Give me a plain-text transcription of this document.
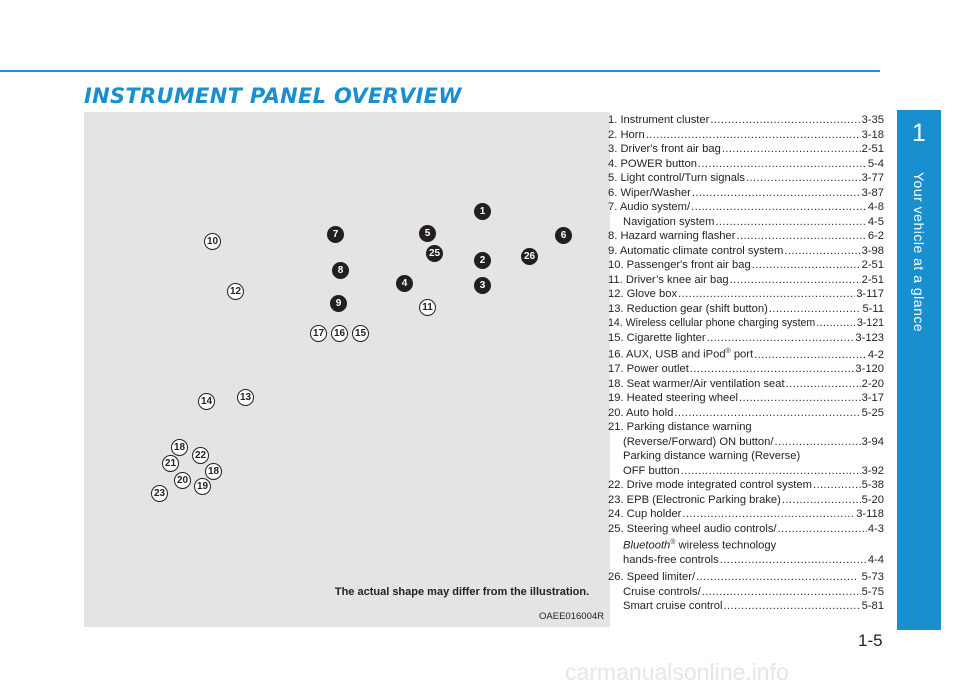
INSTRUMENT PANEL OVERVIEW
1
2
3
4
5	6
7
8
9
10
11
12
13
14
15
16
17
18
18
19
20
21
22
23
25	26
The actual shape may differ from the illustration.
OAEE016004R
1. Instrument cluster .....	3-35
2. Horn .....	3-18
3. Driver's front air bag .....	2-51
4. POWER button .....	5-4
5. Light control/Turn signals .....	3-77
6. Wiper/Washer .....	3-87
7. Audio system/ .....	4-8
Navigation system .....	4-5
8. Hazard warning flasher .....	6-2
9. Automatic climate control system .....	3-98
10. Passenger's front air bag .....	2-51
11. Driver’s knee air bag .....	2-51
12. Glove box .....	3-117
13. Reduction gear (shift button) .....	5-11
14. Wireless cellular phone charging system .....	3-121
15. Cigarette lighter .....	3-123
16. AUX, USB and iPod® port .....	4-2
17. Power outlet .....	3-120
18. Seat warmer/Air ventilation seat .....	2-20
19. Heated steering wheel .....	3-17
20. Auto hold .....	5-25
21. Parking distance warning
(Reverse/Forward) ON button/ .....	3-94
Parking distance warning (Reverse)
OFF button .....	3-92
22. Drive mode integrated control system .....	5-38
23. EPB (Electronic Parking brake) .....	5-20
24. Cup holder .....	3-118
25. Steering wheel audio controls/ .....	4-3
Bluetooth® wireless technology
hands-free controls .....	4-4
26. Speed limiter/ .....	5-73
Cruise controls/ .....	5-75
Smart cruise control .....	5-81
1
Your vehicle at a glance
1-5
carmanualsonline.info
